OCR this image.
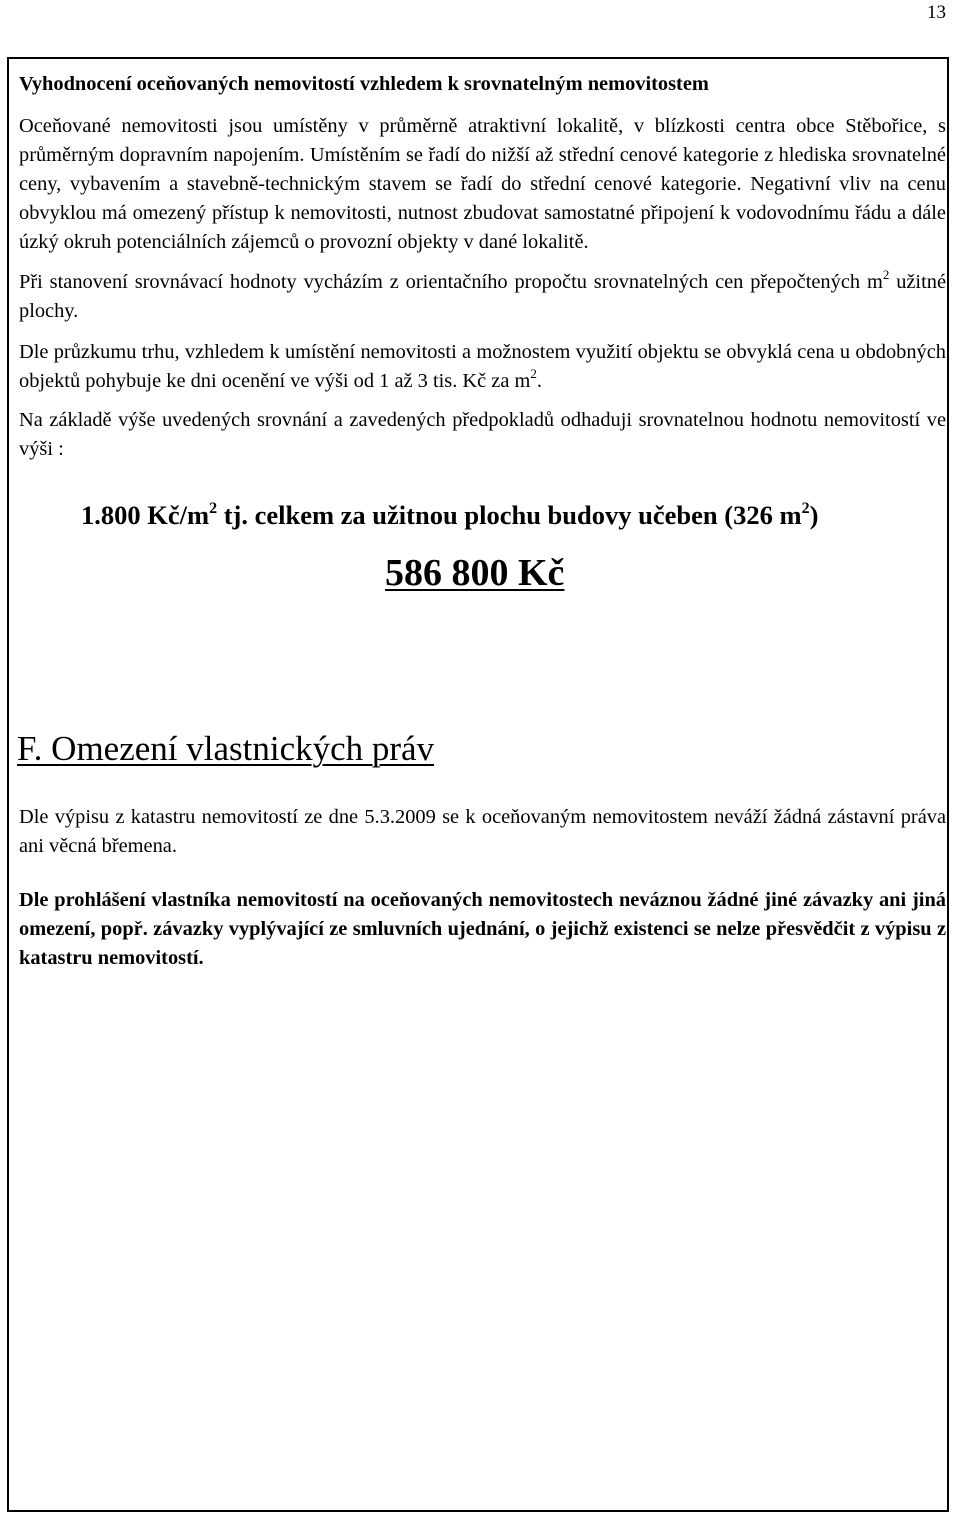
13
Vyhodnocení oceňovaných nemovitostí vzhledem k srovnatelným nemovitostem

Oceňované nemovitosti jsou umístěny v průměrně atraktivní lokalitě, v blízkosti centra obce Stěbořice, s průměrným dopravním napojením. Umístěním se řadí do nižší až střední cenové kategorie z hlediska srovnatelné ceny, vybavením a stavebně-technickým stavem se řadí do střední cenové kategorie. Negativní vliv na cenu obvyklou má omezený přístup k nemovitosti, nutnost zbudovat samostatné připojení k vodovodnímu řádu a dále úzký okruh potenciálních zájemců o provozní objekty v dané lokalitě.

Při stanovení srovnávací hodnoty vycházím z orientačního propočtu srovnatelných cen přepočtených $m^2$ užitné plochy.

Dle průzkumu trhu, vzhledem k umístění nemovitosti a možnostem využití objektu se obvyklá cena u obdobných objektů pohybuje ke dni ocenění ve výši od 1 až 3 tis. Kč za $m^2$.

Na základě výše uvedených srovnání a zavedených předpokladů odhaduji srovnatelnou hodnotu nemovitostí ve výši :

1.800 $Kč/m^2$ tj. celkem za užitnou plochu budovy učeben (326 $m^2$)
586 800 Kč
F. Omezení vlastnických práv

Dle výpisu z katastru nemovitostí ze dne 5.3.2009 se k oceňovaným nemovitostem neváží žádná zástavní práva ani věcná břemena.

Dle prohlášení vlastníka nemovitostí na oceňovaných nemovitostech neváznou žádné jiné závazky ani jiná omezení, popř. závazky vyplývající ze smluvních ujednání, o jejichž existenci se nelze přesvědčit z výpisu z katastru nemovitostí.
